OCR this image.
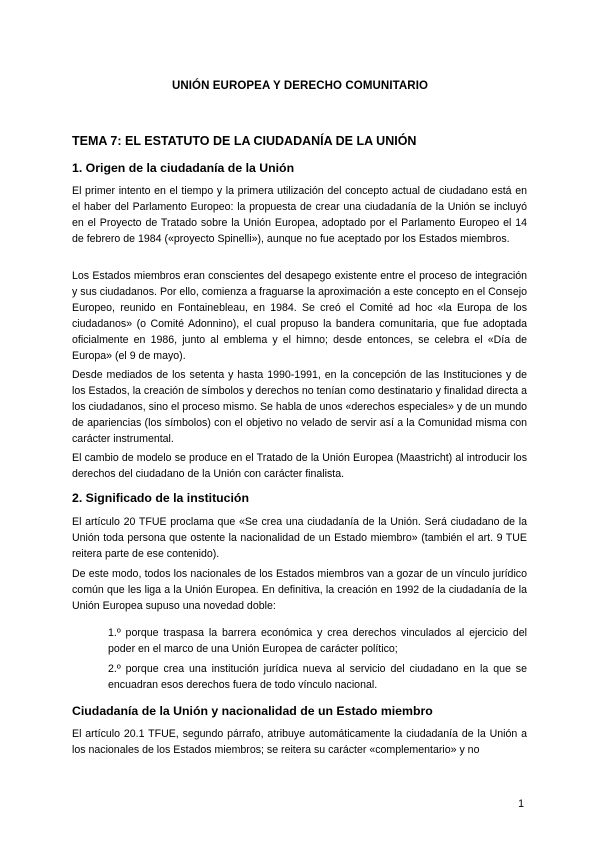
UNIÓN EUROPEA Y DERECHO COMUNITARIO
TEMA 7: EL ESTATUTO DE LA CIUDADANÍA DE LA UNIÓN
1. Origen de la ciudadanía de la Unión
El primer intento en el tiempo y la primera utilización del concepto actual de ciudadano está en el haber del Parlamento Europeo: la propuesta de crear una ciudadanía de la Unión se incluyó en el Proyecto de Tratado sobre la Unión Europea, adoptado por el Parlamento Europeo el 14 de febrero de 1984 («proyecto Spinelli»), aunque no fue aceptado por los Estados miembros.
Los Estados miembros eran conscientes del desapego existente entre el proceso de integración y sus ciudadanos. Por ello, comienza a fraguarse la aproximación a este concepto en el Consejo Europeo, reunido en Fontainebleau, en 1984. Se creó el Comité ad hoc «la Europa de los ciudadanos» (o Comité Adonnino), el cual propuso la bandera comunitaria, que fue adoptada oficialmente en 1986, junto al emblema y el himno; desde entonces, se celebra el «Día de Europa» (el 9 de mayo).
Desde mediados de los setenta y hasta 1990-1991, en la concepción de las Instituciones y de los Estados, la creación de símbolos y derechos no tenían como destinatario y finalidad directa a los ciudadanos, sino el proceso mismo. Se habla de unos «derechos especiales» y de un mundo de apariencias (los símbolos) con el objetivo no velado de servir así a la Comunidad misma con carácter instrumental.
El cambio de modelo se produce en el Tratado de la Unión Europea (Maastricht) al introducir los derechos del ciudadano de la Unión con carácter finalista.
2. Significado de la institución
El artículo 20 TFUE proclama que «Se crea una ciudadanía de la Unión. Será ciudadano de la Unión toda persona que ostente la nacionalidad de un Estado miembro» (también el art. 9 TUE reitera parte de ese contenido).
De este modo, todos los nacionales de los Estados miembros van a gozar de un vínculo jurídico común que les liga a la Unión Europea. En definitiva, la creación en 1992 de la ciudadanía de la Unión Europea supuso una novedad doble:
1.º porque traspasa la barrera económica y crea derechos vinculados al ejercicio del poder en el marco de una Unión Europea de carácter político;
2.º porque crea una institución jurídica nueva al servicio del ciudadano en la que se encuadran esos derechos fuera de todo vínculo nacional.
Ciudadanía de la Unión y nacionalidad de un Estado miembro
El artículo 20.1 TFUE, segundo párrafo, atribuye automáticamente la ciudadanía de la Unión a los nacionales de los Estados miembros; se reitera su carácter «complementario» y no
1
